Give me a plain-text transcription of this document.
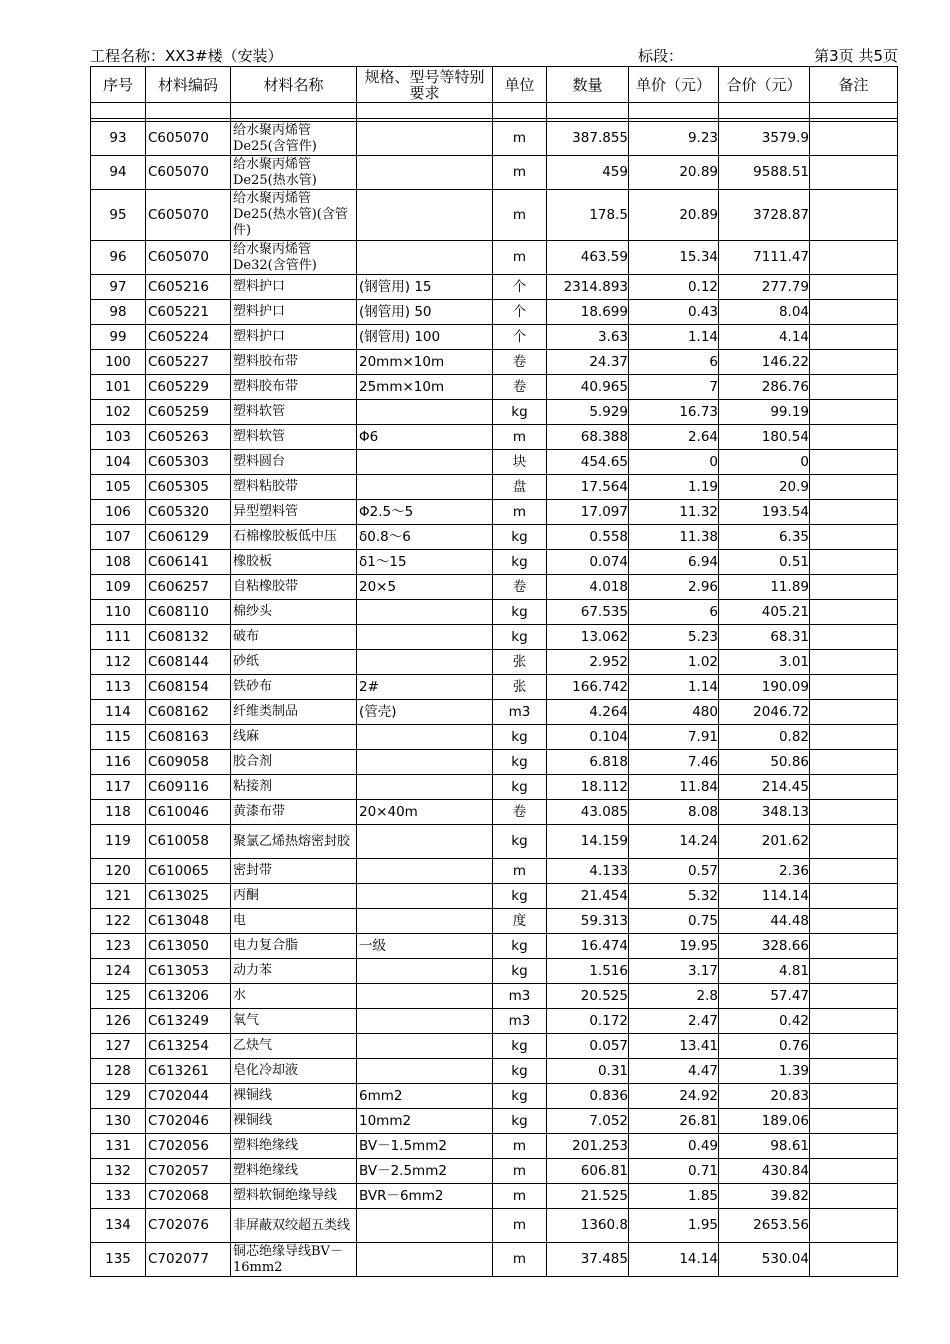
工程名称：XX3#楼（安装）	标段：	第3页 共5页
序号	材料编码	材料名称	规格、型号等特别要求	单位	数量	单价（元）	合价（元）	备注

93	C605070	给水聚丙烯管De25(含管件)		m	387.855	9.23	3579.9	
94	C605070	给水聚丙烯管De25(热水管)		m	459	20.89	9588.51	
95	C605070	给水聚丙烯管De25(热水管)(含管件)		m	178.5	20.89	3728.87	
96	C605070	给水聚丙烯管De32(含管件)		m	463.59	15.34	7111.47	
97	C605216	塑料护口	(钢管用) 15	个	2314.893	0.12	277.79	
98	C605221	塑料护口	(钢管用) 50	个	18.699	0.43	8.04	
99	C605224	塑料护口	(钢管用) 100	个	3.63	1.14	4.14	
100	C605227	塑料胶布带	20mm×10m	卷	24.37	6	146.22	
101	C605229	塑料胶布带	25mm×10m	卷	40.965	7	286.76	
102	C605259	塑料软管		kg	5.929	16.73	99.19	
103	C605263	塑料软管	Φ6	m	68.388	2.64	180.54	
104	C605303	塑料圆台		块	454.65	0	0	
105	C605305	塑料粘胶带		盘	17.564	1.19	20.9	
106	C605320	异型塑料管	Φ2.5～5	m	17.097	11.32	193.54	
107	C606129	石棉橡胶板低中压	δ0.8～6	kg	0.558	11.38	6.35	
108	C606141	橡胶板	δ1～15	kg	0.074	6.94	0.51	
109	C606257	自粘橡胶带	20×5	卷	4.018	2.96	11.89	
110	C608110	棉纱头		kg	67.535	6	405.21	
111	C608132	破布		kg	13.062	5.23	68.31	
112	C608144	砂纸		张	2.952	1.02	3.01	
113	C608154	铁砂布	2#	张	166.742	1.14	190.09	
114	C608162	纤维类制品	(管壳)	m3	4.264	480	2046.72	
115	C608163	线麻		kg	0.104	7.91	0.82	
116	C609058	胶合剂		kg	6.818	7.46	50.86	
117	C609116	粘接剂		kg	18.112	11.84	214.45	
118	C610046	黄漆布带	20×40m	卷	43.085	8.08	348.13	
119	C610058	聚氯乙烯热熔密封胶		kg	14.159	14.24	201.62	
120	C610065	密封带		m	4.133	0.57	2.36	
121	C613025	丙酮		kg	21.454	5.32	114.14	
122	C613048	电		度	59.313	0.75	44.48	
123	C613050	电力复合脂	一级	kg	16.474	19.95	328.66	
124	C613053	动力苯		kg	1.516	3.17	4.81	
125	C613206	水		m3	20.525	2.8	57.47	
126	C613249	氧气		m3	0.172	2.47	0.42	
127	C613254	乙炔气		kg	0.057	13.41	0.76	
128	C613261	皂化冷却液		kg	0.31	4.47	1.39	
129	C702044	裸铜线	6mm2	kg	0.836	24.92	20.83	
130	C702046	裸铜线	10mm2	kg	7.052	26.81	189.06	
131	C702056	塑料绝缘线	BV－1.5mm2	m	201.253	0.49	98.61	
132	C702057	塑料绝缘线	BV－2.5mm2	m	606.81	0.71	430.84	
133	C702068	塑料软铜绝缘导线	BVR－6mm2	m	21.525	1.85	39.82	
134	C702076	非屏蔽双绞超五类线		m	1360.8	1.95	2653.56	
135	C702077	铜芯绝缘导线BV－16mm2		m	37.485	14.14	530.04	
